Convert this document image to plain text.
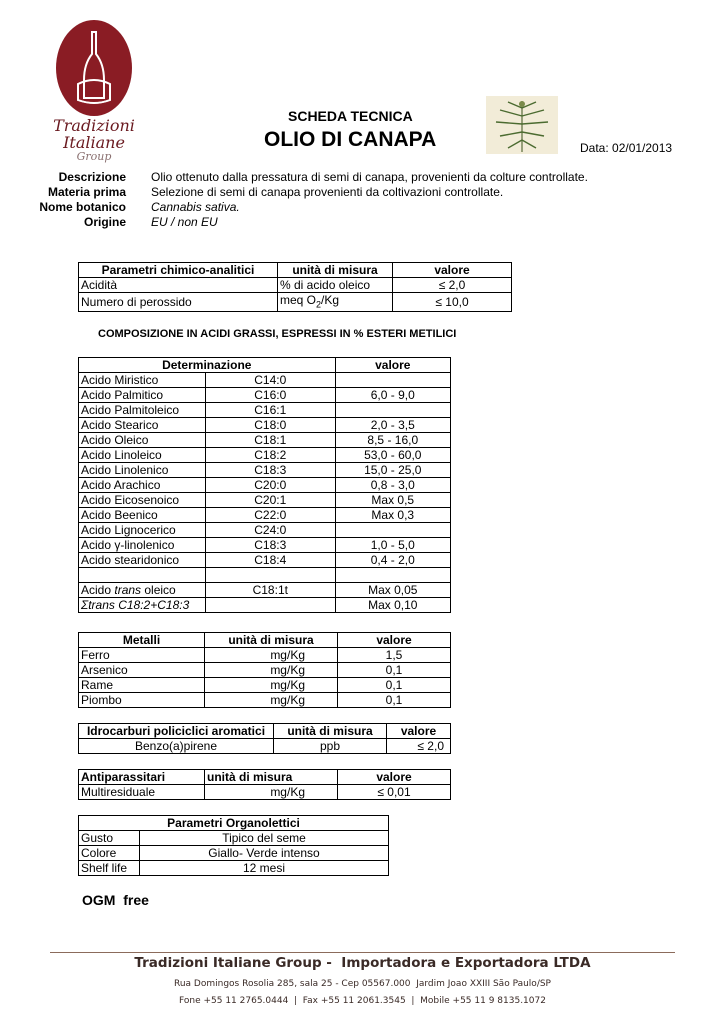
Tradizioni
Italiane
Group
SCHEDA TECNICA
OLIO DI CANAPA	Data: 02/01/2013
Descrizione	Olio ottenuto dalla pressatura di semi di canapa, provenienti da colture controllate.
Materia prima	Selezione di semi di canapa provenienti da coltivazioni controllate.
Nome botanico	Cannabis sativa.
Origine	EU / non EU
Parametri chimico-analitici	unità di misura	valore
Acidità	% di acido oleico	≤ 2,0
Numero di perossido	meq $O_2/Kg$	≤ 10,0
COMPOSIZIONE IN ACIDI GRASSI, ESPRESSI IN % ESTERI METILICI
Determinazione		valore
Acido Miristico	C14:0	
Acido Palmitico	C16:0	6,0 - 9,0
Acido Palmitoleico	C16:1	
Acido Stearico	C18:0	2,0 - 3,5
Acido Oleico	C18:1	8,5 - 16,0
Acido Linoleico	C18:2	53,0 - 60,0
Acido Linolenico	C18:3	15,0 - 25,0
Acido Arachico	C20:0	0,8 - 3,0
Acido Eicosenoico	C20:1	Max 0,5
Acido Beenico	C22:0	Max 0,3
Acido Lignocerico	C24:0	
Acido γ-linolenico	C18:3	1,0 - 5,0
Acido stearidonico	C18:4	0,4 - 2,0

Acido trans oleico	C18:1t	Max 0,05
Σtrans C18:2+C18:3		Max 0,10
Metalli	unità di misura	valore
Ferro	mg/Kg	1,5
Arsenico	mg/Kg	0,1
Rame	mg/Kg	0,1
Piombo	mg/Kg	0,1
Idrocarburi policiclici aromatici	unità di misura	valore
Benzo(a)pirene	ppb	≤ 2,0
Antiparassitari	unità di misura	valore
Multiresiduale	mg/Kg	≤ 0,01
Parametri Organolettici	
Gusto	Tipico del seme
Colore	Giallo- Verde intenso
Shelf life	12 mesi
OGM  free
Tradizioni Italiane Group -  Importadora e Exportadora LTDA
Rua Domingos Rosolia 285, sala 25 - Cep 05567.000  Jardim Joao XXIII São Paulo/SP
Fone +55 11 2765.0444  |  Fax +55 11 2061.3545  |  Mobile +55 11 9 8135.1072
